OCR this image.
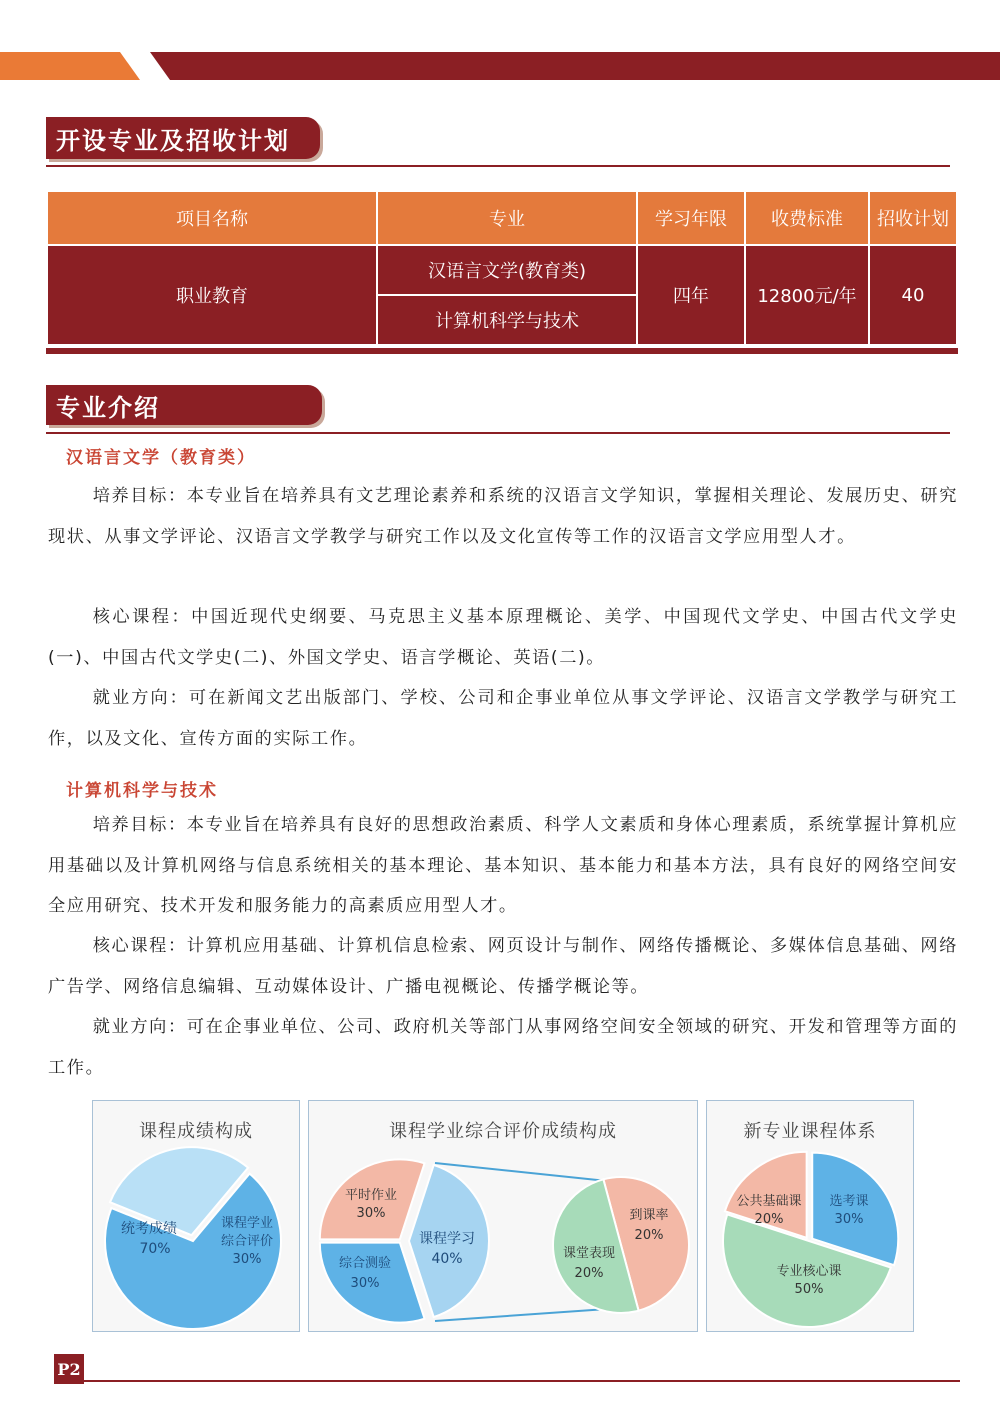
开设专业及招收计划
项目名称	专业	学习年限	收费标准	招收计划
职业教育	汉语言文学(教育类)	四年	12800元/年	40
	计算机科学与技术			
专业介绍
汉语言文学（教育类）

培养目标：本专业旨在培养具有文艺理论素养和系统的汉语言文学知识，掌握相关理论、发展历史、研究现状、从事文学评论、汉语言文学教学与研究工作以及文化宣传等工作的汉语言文学应用型人才。

核心课程：中国近现代史纲要、马克思主义基本原理概论、美学、中国现代文学史、中国古代文学史(一)、中国古代文学史(二)、外国文学史、语言学概论、英语(二)。

就业方向：可在新闻文艺出版部门、学校、公司和企事业单位从事文学评论、汉语言文学教学与研究工作，以及文化、宣传方面的实际工作。

计算机科学与技术

培养目标：本专业旨在培养具有良好的思想政治素质、科学人文素质和身体心理素质，系统掌握计算机应用基础以及计算机网络与信息系统相关的基本理论、基本知识、基本能力和基本方法，具有良好的网络空间安全应用研究、技术开发和服务能力的高素质应用型人才。

核心课程：计算机应用基础、计算机信息检索、网页设计与制作、网络传播概论、多媒体信息基础、网络广告学、网络信息编辑、互动媒体设计、广播电视概论、传播学概论等。

就业方向：可在企事业单位、公司、政府机关等部门从事网络空间安全领域的研究、开发和管理等方面的工作。

课程成绩构成
统考成绩
70%
课程学业
综合评价
30%
课程学业综合评价成绩构成
平时作业
30%
课程学习
40%
综合测验
30%
到课率
20%
课堂表现
20%
新专业课程体系
选考课
30%
专业核心课
50%
公共基础课
20%
P2
